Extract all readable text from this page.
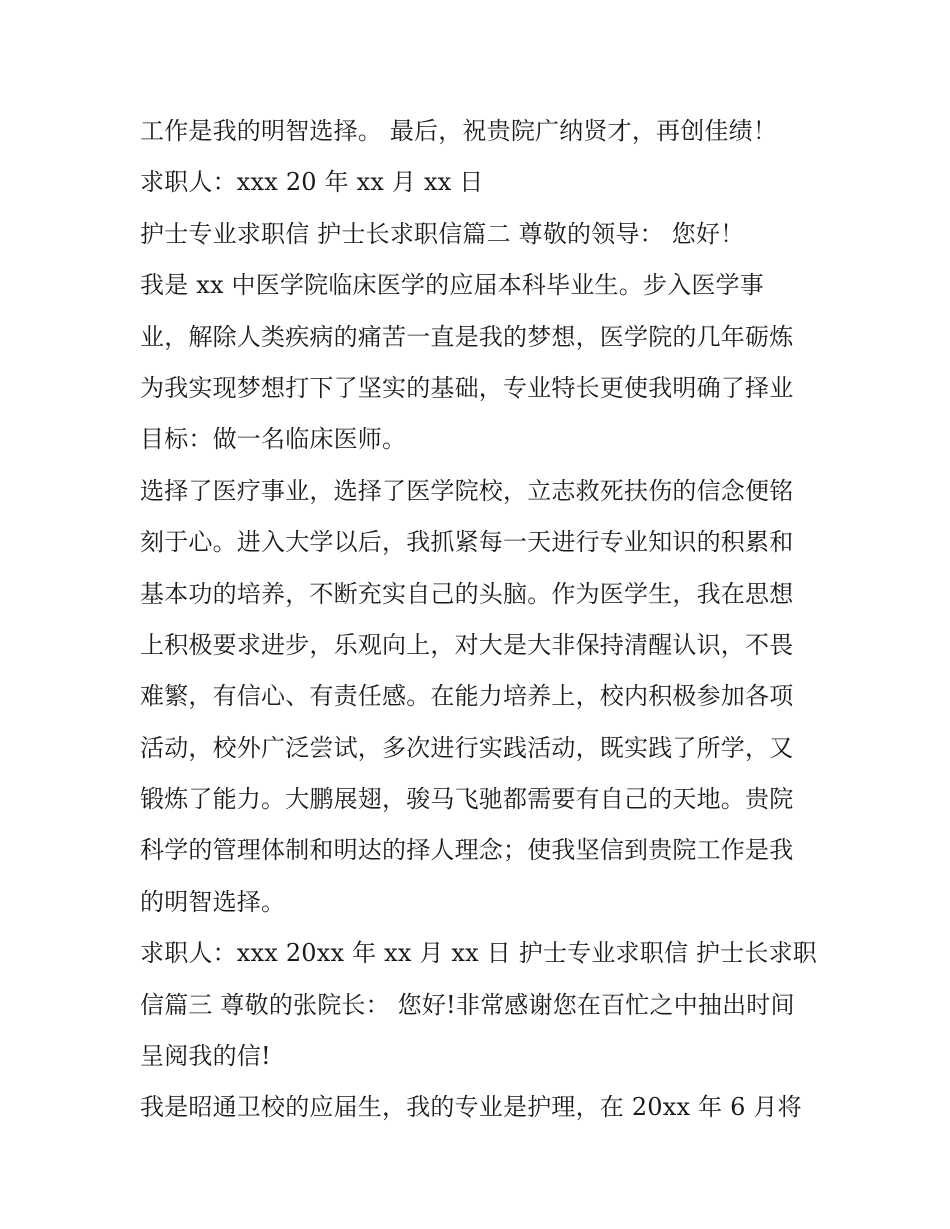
工作是我的明智选择。 最后，祝贵院广纳贤才，再创佳绩！
求职人：xxx 20 年 xx 月 xx 日
护士专业求职信 护士长求职信篇二 尊敬的领导： 您好！
我是 xx 中医学院临床医学的应届本科毕业生。步入医学事
业，解除人类疾病的痛苦一直是我的梦想，医学院的几年砺炼
为我实现梦想打下了坚实的基础，专业特长更使我明确了择业
目标：做一名临床医师。
选择了医疗事业，选择了医学院校，立志救死扶伤的信念便铭
刻于心。进入大学以后，我抓紧每一天进行专业知识的积累和
基本功的培养，不断充实自己的头脑。作为医学生，我在思想
上积极要求进步，乐观向上，对大是大非保持清醒认识，不畏
难繁，有信心、有责任感。在能力培养上，校内积极参加各项
活动，校外广泛尝试，多次进行实践活动，既实践了所学，又
锻炼了能力。大鹏展翅，骏马飞驰都需要有自己的天地。贵院
科学的管理体制和明达的择人理念；使我坚信到贵院工作是我
的明智选择。
求职人：xxx 20xx 年 xx 月 xx 日 护士专业求职信 护士长求职
信篇三 尊敬的张院长： 您好!非常感谢您在百忙之中抽出时间
呈阅我的信!
我是昭通卫校的应届生，我的专业是护理，在 20xx 年 6 月将
